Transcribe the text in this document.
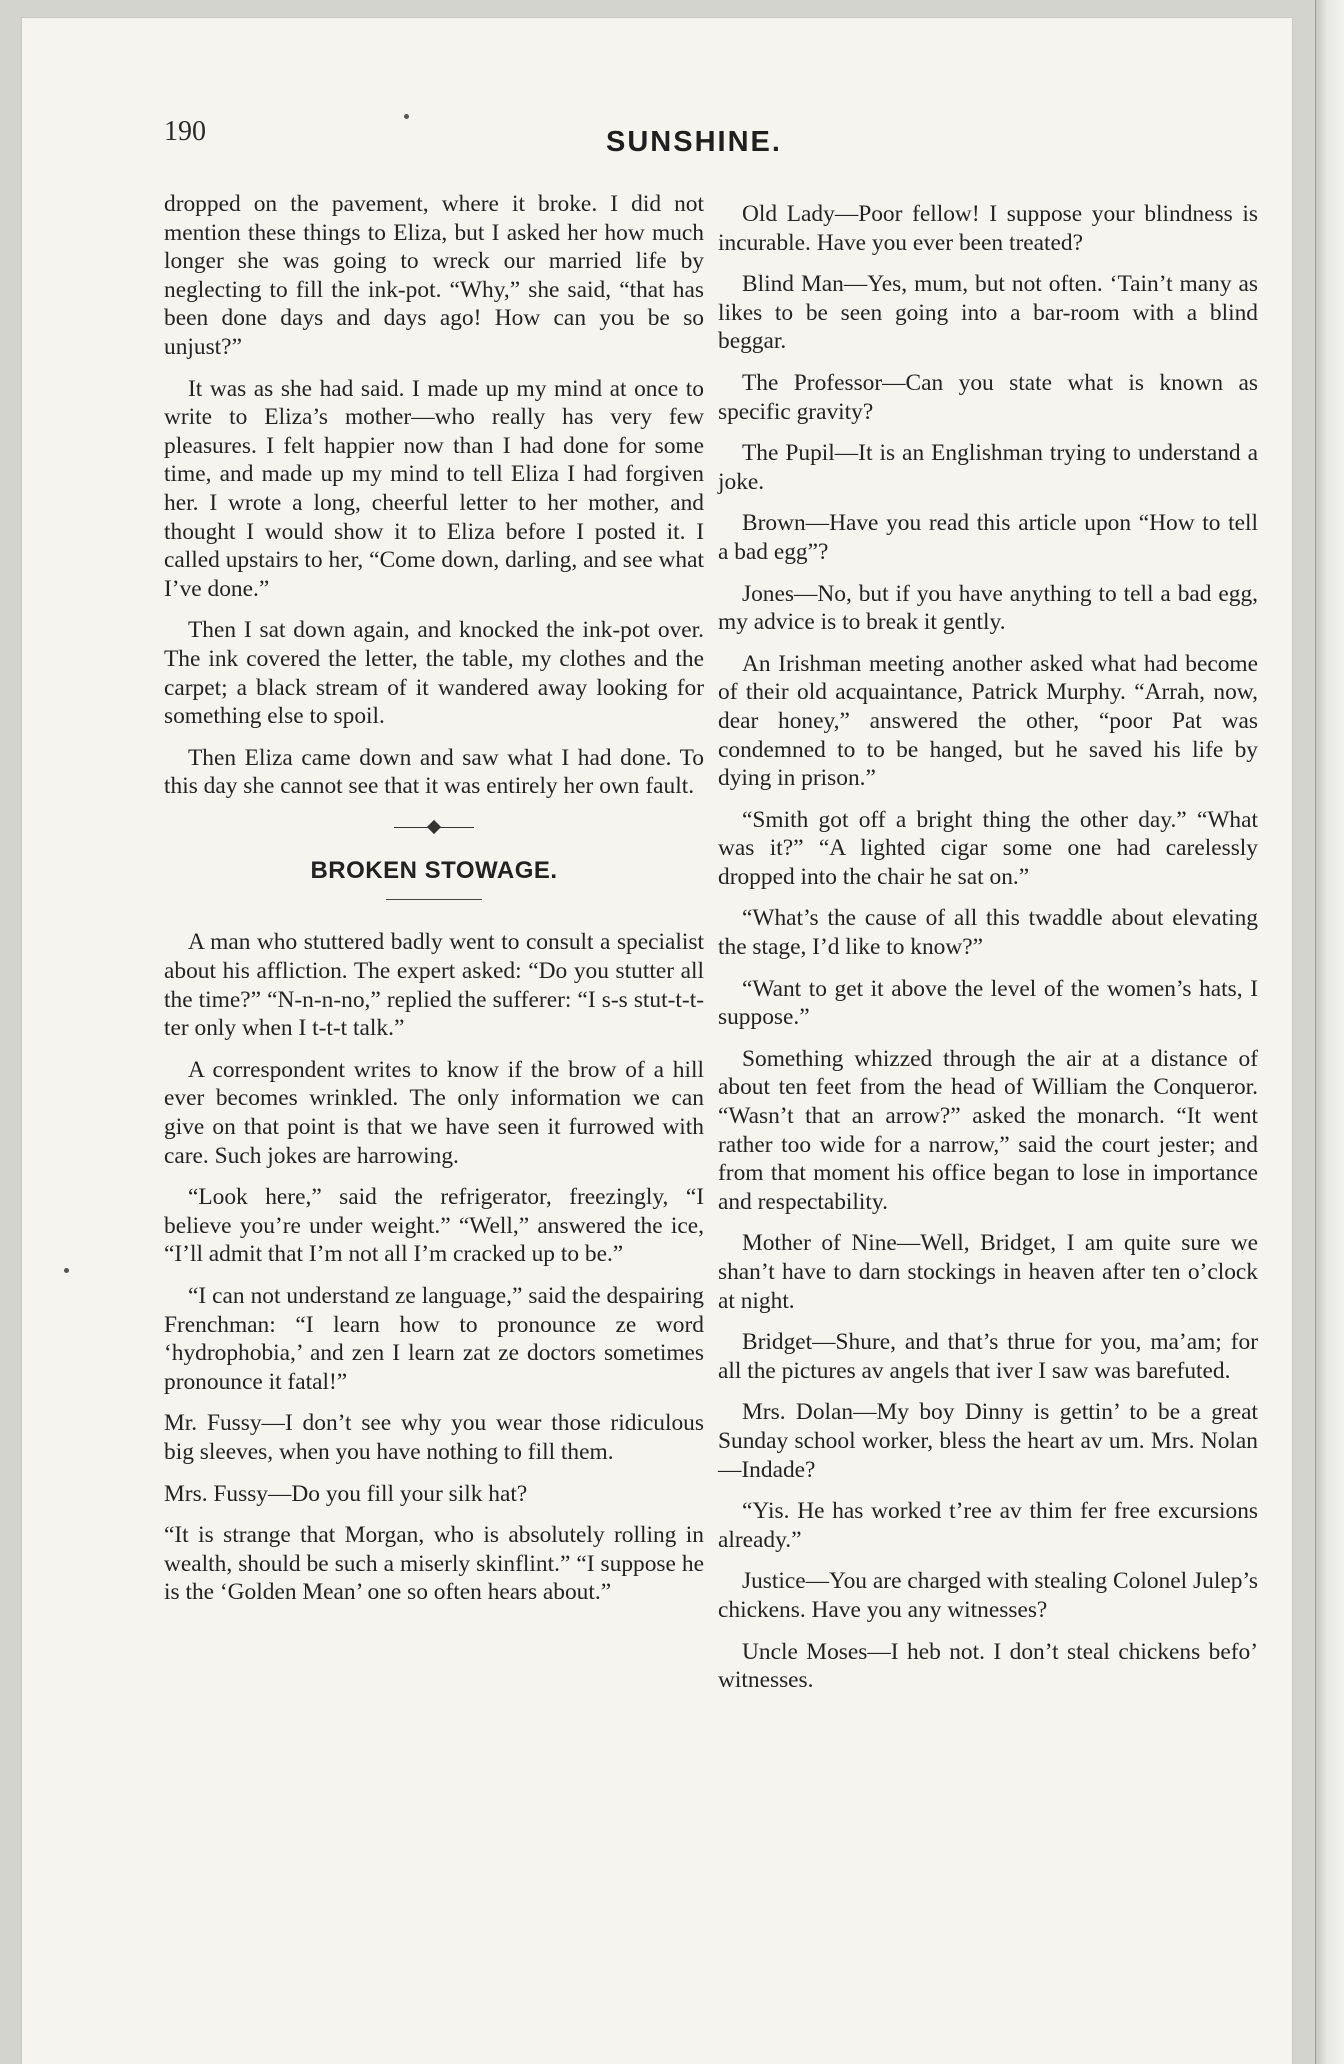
190	SUNSHINE.

dropped on the pavement, where it broke. I did not mention these things to Eliza, but I asked her how much longer she was going to wreck our married life by neglecting to fill the ink-pot. “Why,” she said, “that has been done days and days ago! How can you be so unjust?”

It was as she had said. I made up my mind at once to write to Eliza’s mother—who really has very few pleasures. I felt happier now than I had done for some time, and made up my mind to tell Eliza I had forgiven her. I wrote a long, cheerful letter to her mother, and thought I would show it to Eliza before I posted it. I called upstairs to her, “Come down, darling, and see what I’ve done.”

Then I sat down again, and knocked the ink-pot over. The ink covered the letter, the table, my clothes and the carpet; a black stream of it wandered away looking for something else to spoil.

Then Eliza came down and saw what I had done. To this day she cannot see that it was entirely her own fault.

BROKEN STOWAGE.

A man who stuttered badly went to consult a specialist about his affliction. The expert asked: “Do you stutter all the time?” “N-n-n-no,” replied the sufferer: “I s-s stut-t-t-ter only when I t-t-t talk.”

A correspondent writes to know if the brow of a hill ever becomes wrinkled. The only information we can give on that point is that we have seen it furrowed with care. Such jokes are harrowing.

“Look here,” said the refrigerator, freezingly, “I believe you’re under weight.” “Well,” answered the ice, “I’ll admit that I’m not all I’m cracked up to be.”

“I can not understand ze language,” said the despairing Frenchman: “I learn how to pronounce ze word ‘hydrophobia,’ and zen I learn zat ze doctors sometimes pronounce it fatal!”

Mr. Fussy—I don’t see why you wear those ridiculous big sleeves, when you have nothing to fill them.

Mrs. Fussy—Do you fill your silk hat?

“It is strange that Morgan, who is absolutely rolling in wealth, should be such a miserly skinflint.” “I suppose he is the ‘Golden Mean’ one so often hears about.”

Old Lady—Poor fellow! I suppose your blindness is incurable. Have you ever been treated?

Blind Man—Yes, mum, but not often. ‘Tain’t many as likes to be seen going into a bar-room with a blind beggar.

The Professor—Can you state what is known as specific gravity?

The Pupil—It is an Englishman trying to understand a joke.

Brown—Have you read this article upon “How to tell a bad egg”?

Jones—No, but if you have anything to tell a bad egg, my advice is to break it gently.

An Irishman meeting another asked what had become of their old acquaintance, Patrick Murphy. “Arrah, now, dear honey,” answered the other, “poor Pat was condemned to to be hanged, but he saved his life by dying in prison.”

“Smith got off a bright thing the other day.” “What was it?” “A lighted cigar some one had carelessly dropped into the chair he sat on.”

“What’s the cause of all this twaddle about elevating the stage, I’d like to know?”

“Want to get it above the level of the women’s hats, I suppose.”

Something whizzed through the air at a distance of about ten feet from the head of William the Conqueror. “Wasn’t that an arrow?” asked the monarch. “It went rather too wide for a narrow,” said the court jester; and from that moment his office began to lose in importance and respectability.

Mother of Nine—Well, Bridget, I am quite sure we shan’t have to darn stockings in heaven after ten o’clock at night.

Bridget—Shure, and that’s thrue for you, ma’am; for all the pictures av angels that iver I saw was barefuted.

Mrs. Dolan—My boy Dinny is gettin’ to be a great Sunday school worker, bless the heart av um. Mrs. Nolan—Indade?

“Yis. He has worked t’ree av thim fer free excursions already.”

Justice—You are charged with stealing Colonel Julep’s chickens. Have you any witnesses?

Uncle Moses—I heb not. I don’t steal chickens befo’ witnesses.
